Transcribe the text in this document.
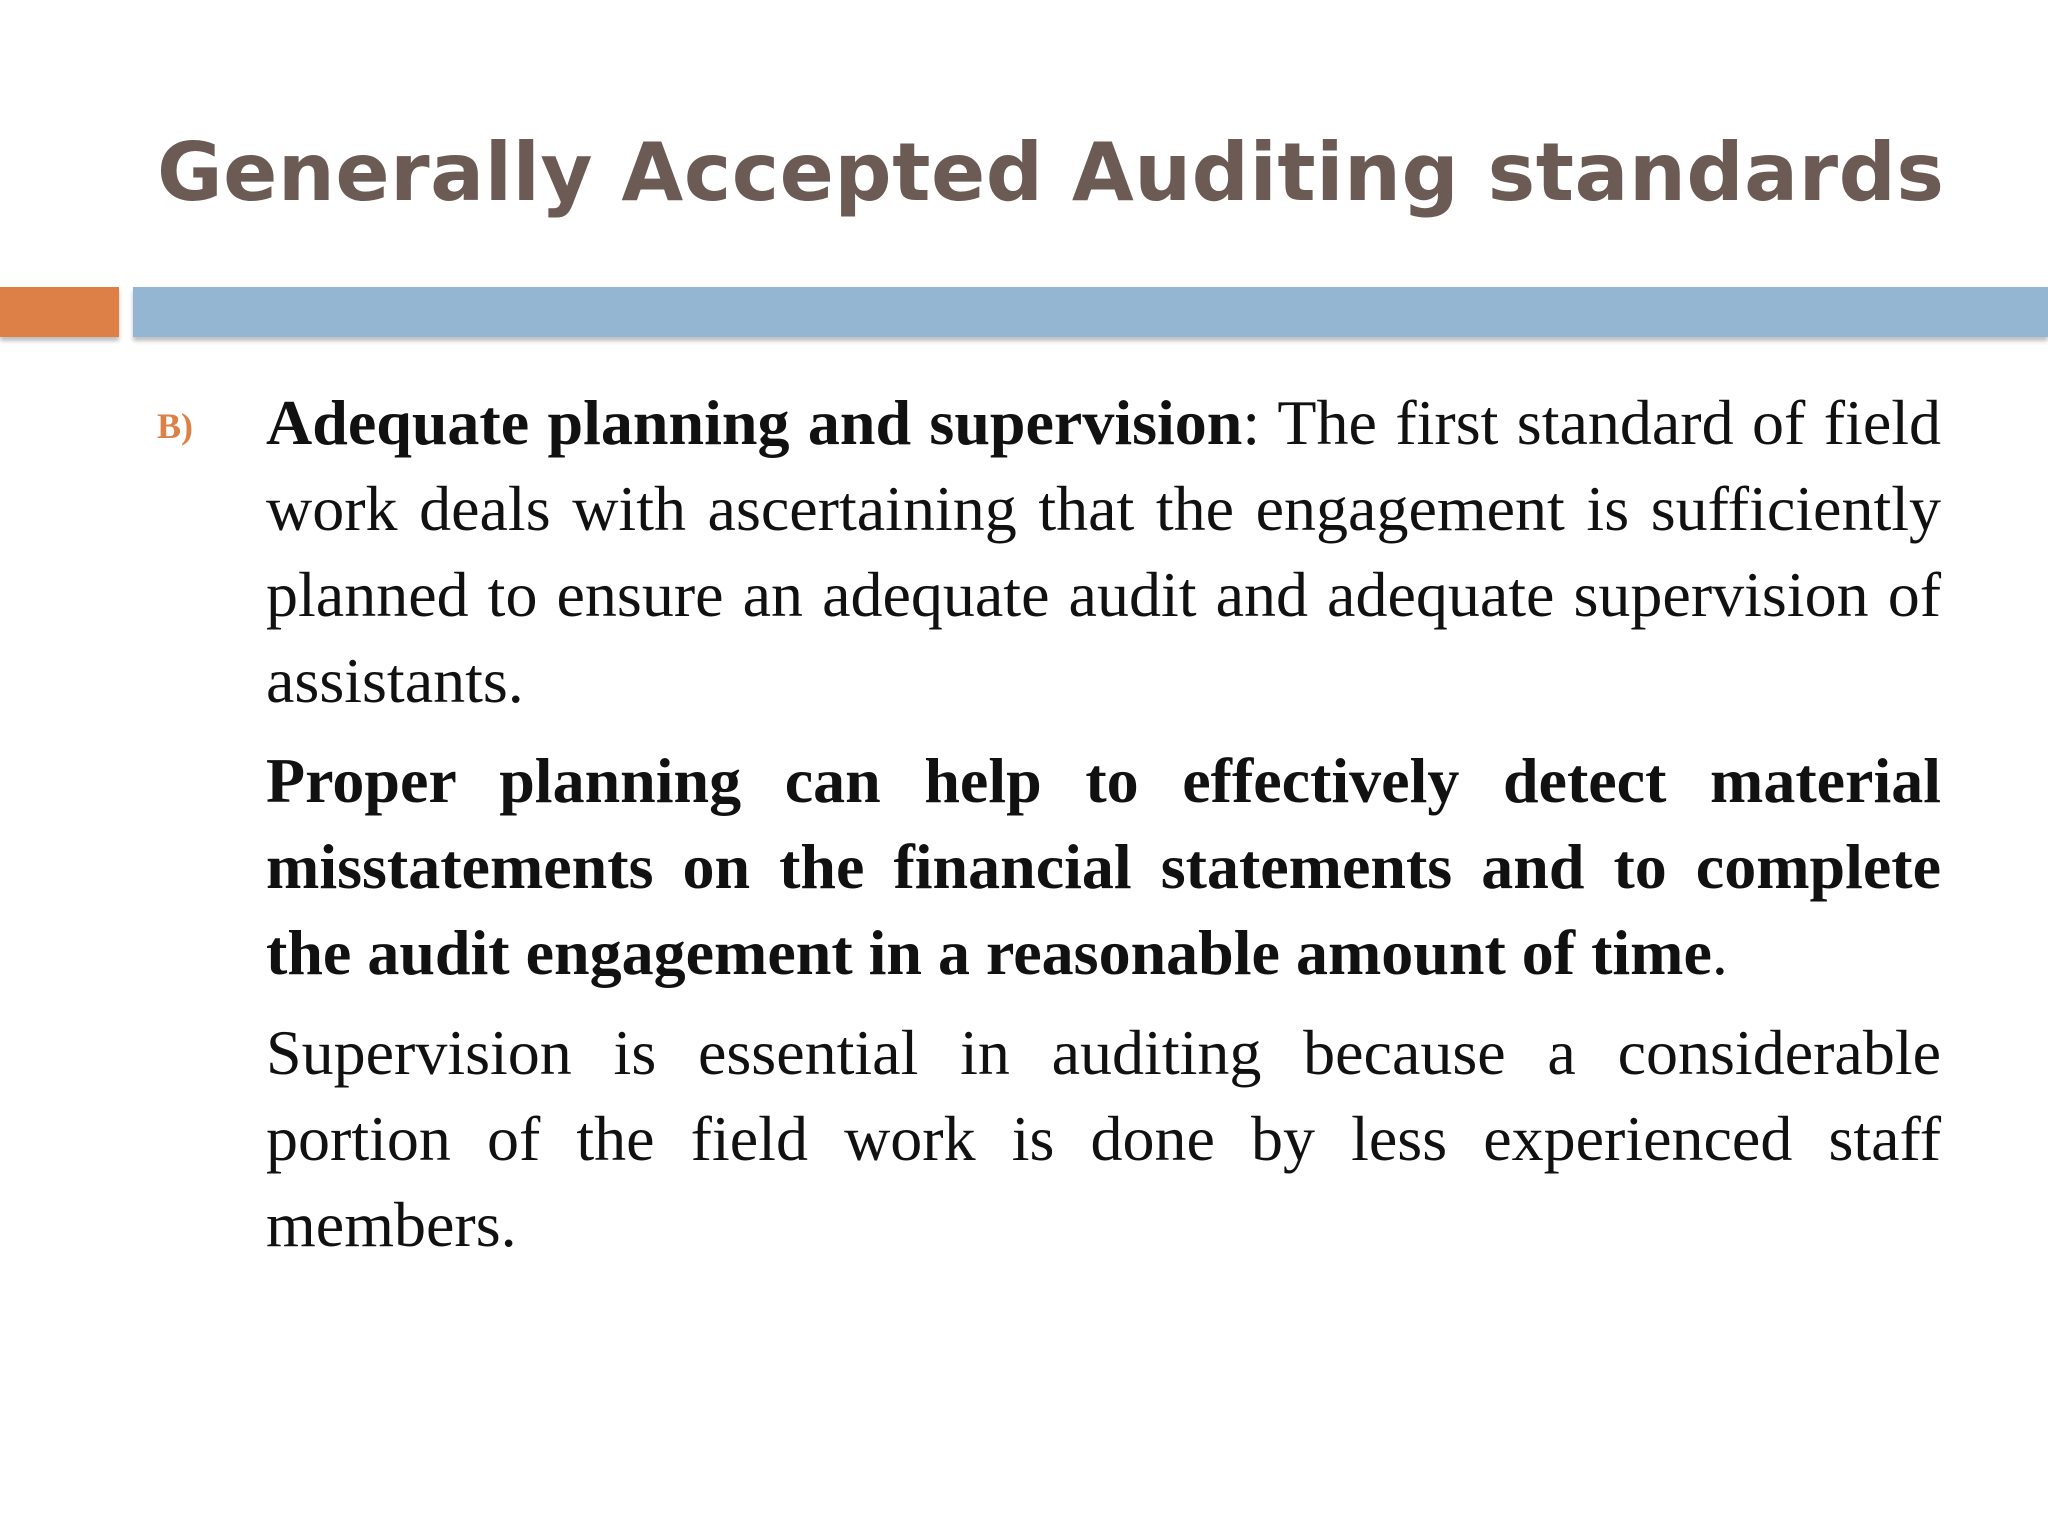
Generally Accepted Auditing standards
B) Adequate planning and supervision: The first standard of field work deals with ascertaining that the engagement is sufficiently planned to ensure an adequate audit and adequate supervision of assistants.

Proper planning can help to effectively detect material misstatements on the financial statements and to complete the audit engagement in a reasonable amount of time.

Supervision is essential in auditing because a considerable portion of the field work is done by less experienced staff members.
